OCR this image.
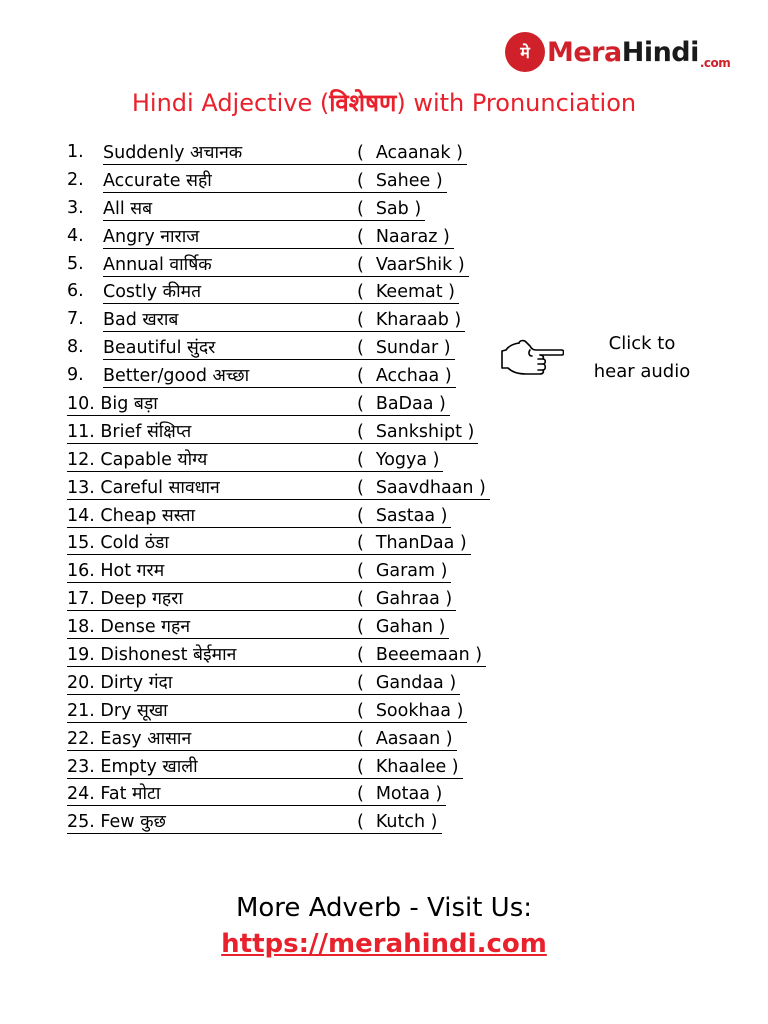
मे MeraHindi$_{.com}$
Hindi Adjective (विशेषण) with Pronunciation
1. Suddenly अचानक	( Acaanak )
2. Accurate सही	( Sahee )
3. All सब	( Sab )
4. Angry नाराज	( Naaraz )
5. Annual वार्षिक	( VaarShik )
6. Costly कीमत	( Keemat )
7. Bad खराब	( Kharaab )
8. Beautiful सुंदर	( Sundar )
9. Better/good अच्छा	( Acchaa )
10. Big बड़ा	( BaDaa )
11. Brief संक्षिप्त	( Sankshipt )
12. Capable योग्य	( Yogya )
13. Careful सावधान	( Saavdhaan )
14. Cheap सस्ता	( Sastaa )
15. Cold ठंडा	( ThanDaa )
16. Hot गरम	( Garam )
17. Deep गहरा	( Gahraa )
18. Dense गहन	( Gahan )
19. Dishonest बेईमान	( Beeemaan )
20. Dirty गंदा	( Gandaa )
21. Dry सूखा	( Sookhaa )
22. Easy आसान	( Aasaan )
23. Empty खाली	( Khaalee )
24. Fat मोटा	( Motaa )
25. Few कुछ	( Kutch )
Click to
hear audio
More Adverb - Visit Us:
https://merahindi.com
